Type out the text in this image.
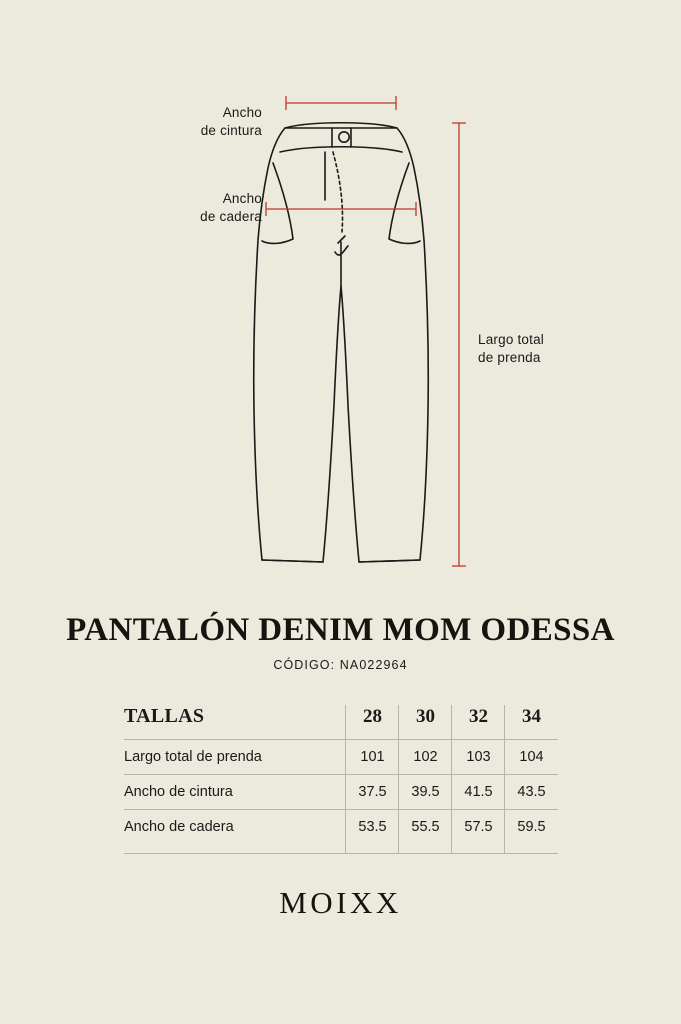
Ancho
de cintura
Ancho
de cadera
Largo total
de prenda
PANTALÓN DENIM MOM ODESSA
CÓDIGO: NA022964
TALLAS	28	30	32	34
Largo total de prenda	101	102	103	104
Ancho de cintura	37.5	39.5	41.5	43.5
Ancho de cadera	53.5	55.5	57.5	59.5
MOIXX
